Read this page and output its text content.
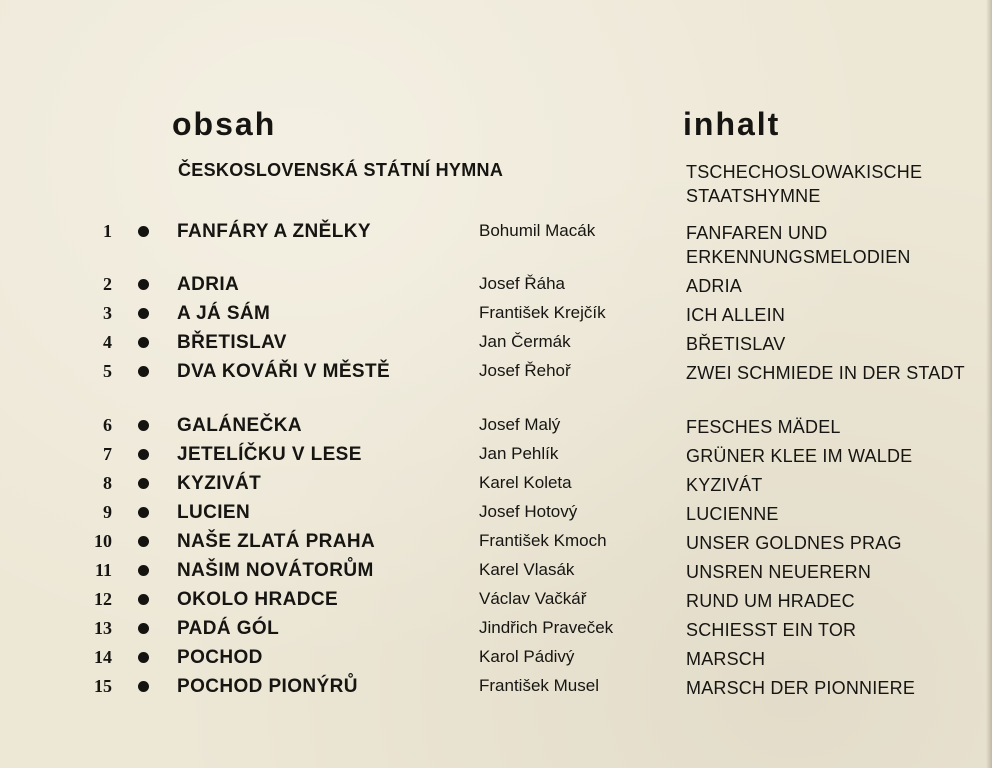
obsah	inhalt
ČESKOSLOVENSKÁ STÁTNÍ HYMNA	TSCHECHOSLOWAKISCHE STAATSHYMNE
1	FANFÁRY A ZNĚLKY	Bohumil Macák	FANFAREN UND ERKENNUNGSMELODIEN
2	ADRIA	Josef Řáha	ADRIA
3	A JÁ SÁM	František Krejčík	ICH ALLEIN
4	BŘETISLAV	Jan Čermák	BŘETISLAV
5	DVA KOVÁŘI V MĚSTĚ	Josef Řehoř	ZWEI SCHMIEDE IN DER STADT
6	GALÁNEČKA	Josef Malý	FESCHES MÄDEL
7	JETELÍČKU V LESE	Jan Pehlík	GRÜNER KLEE IM WALDE
8	KYZIVÁT	Karel Koleta	KYZIVÁT
9	LUCIEN	Josef Hotový	LUCIENNE
10	NAŠE ZLATÁ PRAHA	František Kmoch	UNSER GOLDNES PRAG
11	NAŠIM NOVÁTORŮM	Karel Vlasák	UNSREN NEUERERN
12	OKOLO HRADCE	Václav Vačkář	RUND UM HRADEC
13	PADÁ GÓL	Jindřich Praveček	SCHIESST EIN TOR
14	POCHOD	Karol Pádivý	MARSCH
15	POCHOD PIONÝRŮ	František Musel	MARSCH DER PIONNIERE
